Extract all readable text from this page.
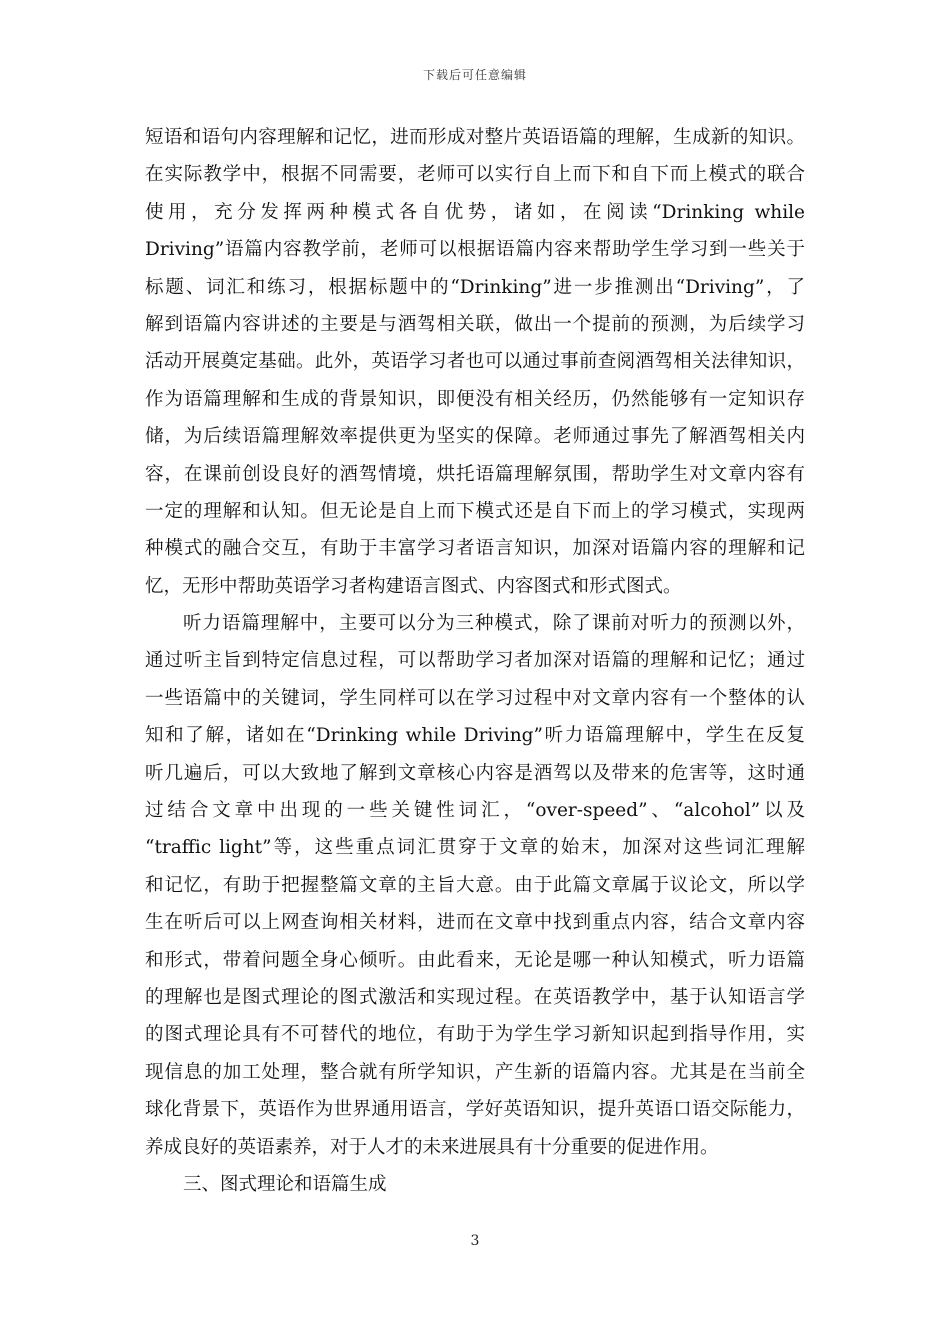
下载后可任意编辑
短语和语句内容理解和记忆，进而形成对整片英语语篇的理解，生成新的知识。
在实际教学中，根据不同需要，老师可以实行自上而下和自下而上模式的联合
使用，充分发挥两种模式各自优势，诸如，在阅读“Drinking while
Driving”语篇内容教学前，老师可以根据语篇内容来帮助学生学习到一些关于
标题、词汇和练习，根据标题中的“Drinking”进一步推测出“Driving”，了
解到语篇内容讲述的主要是与酒驾相关联，做出一个提前的预测，为后续学习
活动开展奠定基础。此外，英语学习者也可以通过事前查阅酒驾相关法律知识，
作为语篇理解和生成的背景知识，即便没有相关经历，仍然能够有一定知识存
储，为后续语篇理解效率提供更为坚实的保障。老师通过事先了解酒驾相关内
容，在课前创设良好的酒驾情境，烘托语篇理解氛围，帮助学生对文章内容有
一定的理解和认知。但无论是自上而下模式还是自下而上的学习模式，实现两
种模式的融合交互，有助于丰富学习者语言知识，加深对语篇内容的理解和记
忆，无形中帮助英语学习者构建语言图式、内容图式和形式图式。
听力语篇理解中，主要可以分为三种模式，除了课前对听力的预测以外，
通过听主旨到特定信息过程，可以帮助学习者加深对语篇的理解和记忆；通过
一些语篇中的关键词，学生同样可以在学习过程中对文章内容有一个整体的认
知和了解，诸如在“Drinking while Driving”听力语篇理解中，学生在反复
听几遍后，可以大致地了解到文章核心内容是酒驾以及带来的危害等，这时通
过结合文章中出现的一些关键性词汇，“over-speed”、“alcohol”以及
“traffic light”等，这些重点词汇贯穿于文章的始末，加深对这些词汇理解
和记忆，有助于把握整篇文章的主旨大意。由于此篇文章属于议论文，所以学
生在听后可以上网查询相关材料，进而在文章中找到重点内容，结合文章内容
和形式，带着问题全身心倾听。由此看来，无论是哪一种认知模式，听力语篇
的理解也是图式理论的图式激活和实现过程。在英语教学中，基于认知语言学
的图式理论具有不可替代的地位，有助于为学生学习新知识起到指导作用，实
现信息的加工处理，整合就有所学知识，产生新的语篇内容。尤其是在当前全
球化背景下，英语作为世界通用语言，学好英语知识，提升英语口语交际能力，
养成良好的英语素养，对于人才的未来进展具有十分重要的促进作用。
三、图式理论和语篇生成
3
